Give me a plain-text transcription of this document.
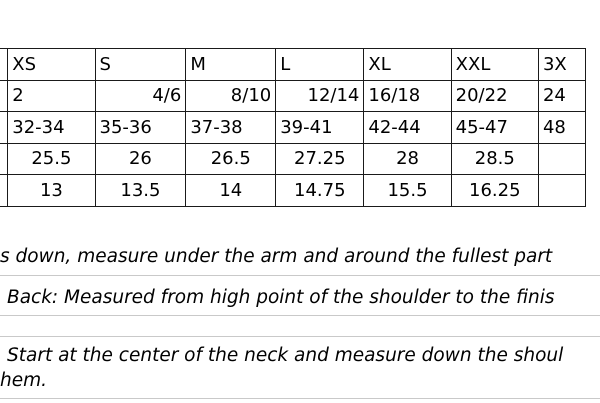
	XS	S	M	L	XL	XXL	3X
	2	4/6	8/10	12/14	16/18	20/22	24
	32-34	35-36	37-38	39-41	42-44	45-47	48
	25.5	26	26.5	27.25	28	28.5	
	13	13.5	14	14.75	15.5	16.25	
s down, measure under the arm and around the fullest part
Back: Measured from high point of the shoulder to the finis
Start at the center of the neck and measure down the shoul
hem.
